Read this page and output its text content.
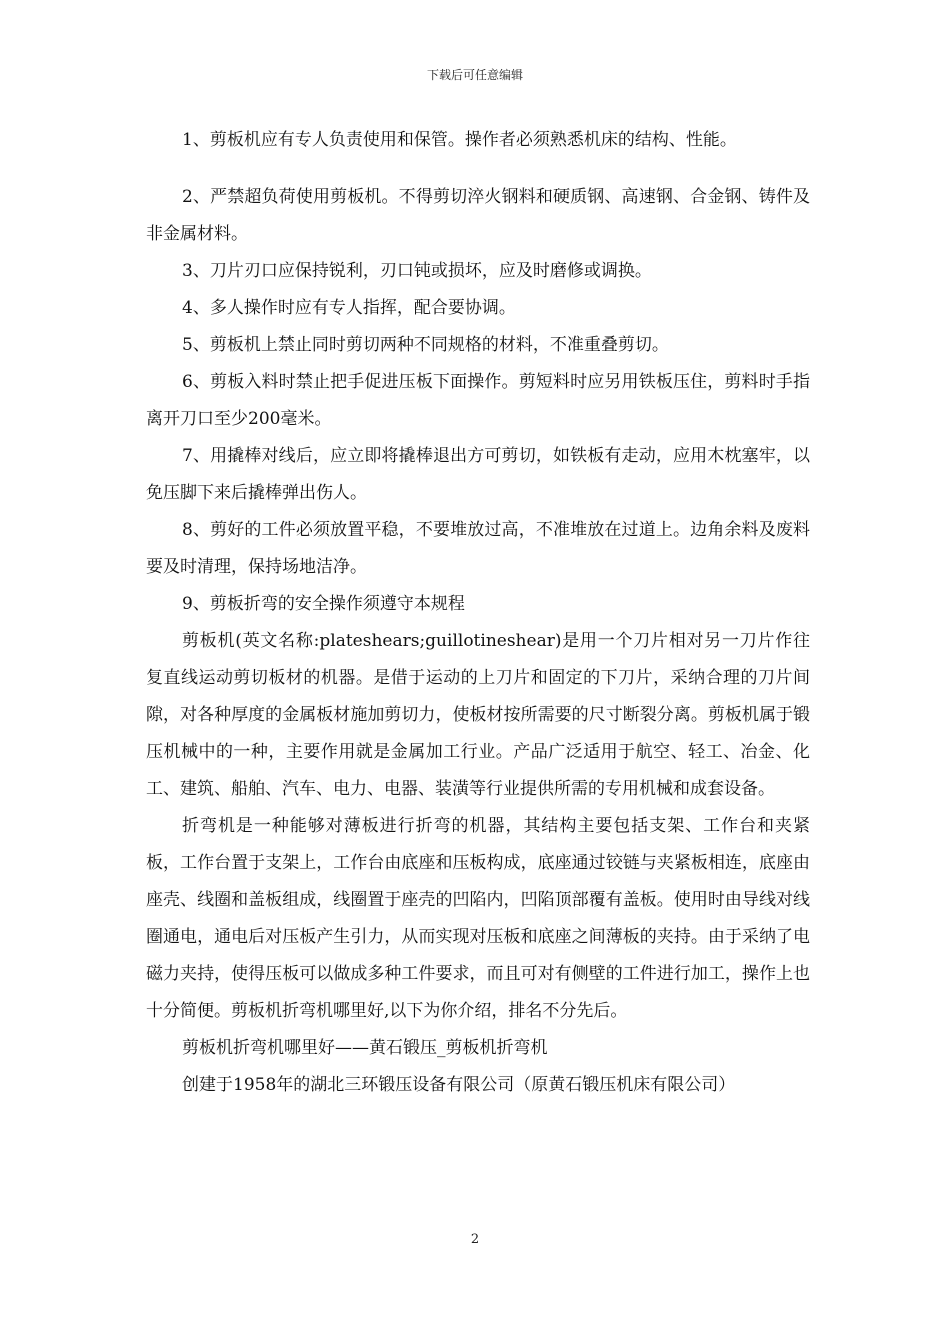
下载后可任意编辑

1、剪板机应有专人负责使用和保管。操作者必须熟悉机床的结构、性能。

2、严禁超负荷使用剪板机。不得剪切淬火钢料和硬质钢、高速钢、合金钢、铸件及非金属材料。

3、刀片刃口应保持锐利，刃口钝或损坏，应及时磨修或调换。

4、多人操作时应有专人指挥，配合要协调。

5、剪板机上禁止同时剪切两种不同规格的材料，不准重叠剪切。

6、剪板入料时禁止把手促进压板下面操作。剪短料时应另用铁板压住，剪料时手指离开刀口至少200毫米。

7、用撬棒对线后，应立即将撬棒退出方可剪切，如铁板有走动，应用木枕塞牢，以免压脚下来后撬棒弹出伤人。

8、剪好的工件必须放置平稳，不要堆放过高，不准堆放在过道上。边角余料及废料要及时清理，保持场地洁净。

9、剪板折弯的安全操作须遵守本规程

剪板机(英文名称:plateshears;guillotineshear)是用一个刀片相对另一刀片作往复直线运动剪切板材的机器。是借于运动的上刀片和固定的下刀片，采纳合理的刀片间隙，对各种厚度的金属板材施加剪切力，使板材按所需要的尺寸断裂分离。剪板机属于锻压机械中的一种，主要作用就是金属加工行业。产品广泛适用于航空、轻工、冶金、化工、建筑、船舶、汽车、电力、电器、装潢等行业提供所需的专用机械和成套设备。

折弯机是一种能够对薄板进行折弯的机器，其结构主要包括支架、工作台和夹紧板，工作台置于支架上，工作台由底座和压板构成，底座通过铰链与夹紧板相连，底座由座壳、线圈和盖板组成，线圈置于座壳的凹陷内，凹陷顶部覆有盖板。使用时由导线对线圈通电，通电后对压板产生引力，从而实现对压板和底座之间薄板的夹持。由于采纳了电磁力夹持，使得压板可以做成多种工件要求，而且可对有侧壁的工件进行加工，操作上也十分简便。剪板机折弯机哪里好,以下为你介绍，排名不分先后。

剪板机折弯机哪里好——黄石锻压_剪板机折弯机

创建于1958年的湖北三环锻压设备有限公司（原黄石锻压机床有限公司）

2
